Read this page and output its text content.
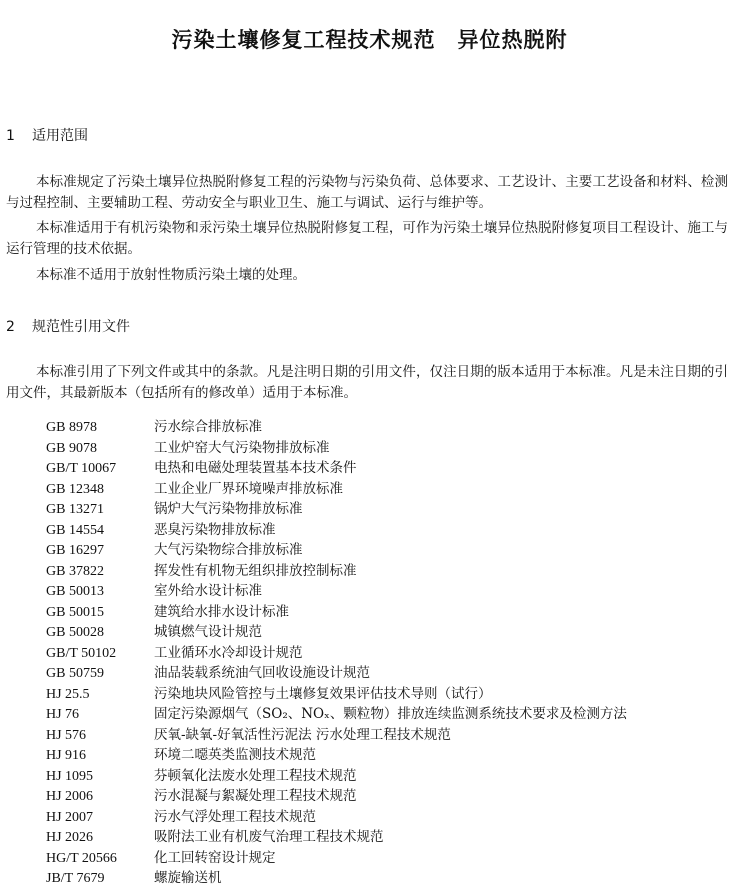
污染土壤修复工程技术规范　异位热脱附
1 适用范围

本标准规定了污染土壤异位热脱附修复工程的污染物与污染负荷、总体要求、工艺设计、主要工艺设备和材料、检测与过程控制、主要辅助工程、劳动安全与职业卫生、施工与调试、运行与维护等。

本标准适用于有机污染物和汞污染土壤异位热脱附修复工程，可作为污染土壤异位热脱附修复项目工程设计、施工与运行管理的技术依据。

本标准不适用于放射性物质污染土壤的处理。

2 规范性引用文件

本标准引用了下列文件或其中的条款。凡是注明日期的引用文件，仅注日期的版本适用于本标准。凡是未注日期的引用文件，其最新版本（包括所有的修改单）适用于本标准。

GB 8978	污水综合排放标准
GB 9078	工业炉窑大气污染物排放标准
GB/T 10067	电热和电磁处理装置基本技术条件
GB 12348	工业企业厂界环境噪声排放标准
GB 13271	锅炉大气污染物排放标准
GB 14554	恶臭污染物排放标准
GB 16297	大气污染物综合排放标准
GB 37822	挥发性有机物无组织排放控制标准
GB 50013	室外给水设计标准
GB 50015	建筑给水排水设计标准
GB 50028	城镇燃气设计规范
GB/T 50102	工业循环水冷却设计规范
GB 50759	油品装载系统油气回收设施设计规范
HJ 25.5	污染地块风险管控与土壤修复效果评估技术导则（试行）
HJ 76	固定污染源烟气（SO₂、NOₓ、颗粒物）排放连续监测系统技术要求及检测方法
HJ 576	厌氧-缺氧-好氧活性污泥法 污水处理工程技术规范
HJ 916	环境二噁英类监测技术规范
HJ 1095	芬顿氧化法废水处理工程技术规范
HJ 2006	污水混凝与絮凝处理工程技术规范
HJ 2007	污水气浮处理工程技术规范
HJ 2026	吸附法工业有机废气治理工程技术规范
HG/T 20566	化工回转窑设计规定
JB/T 7679	螺旋输送机
